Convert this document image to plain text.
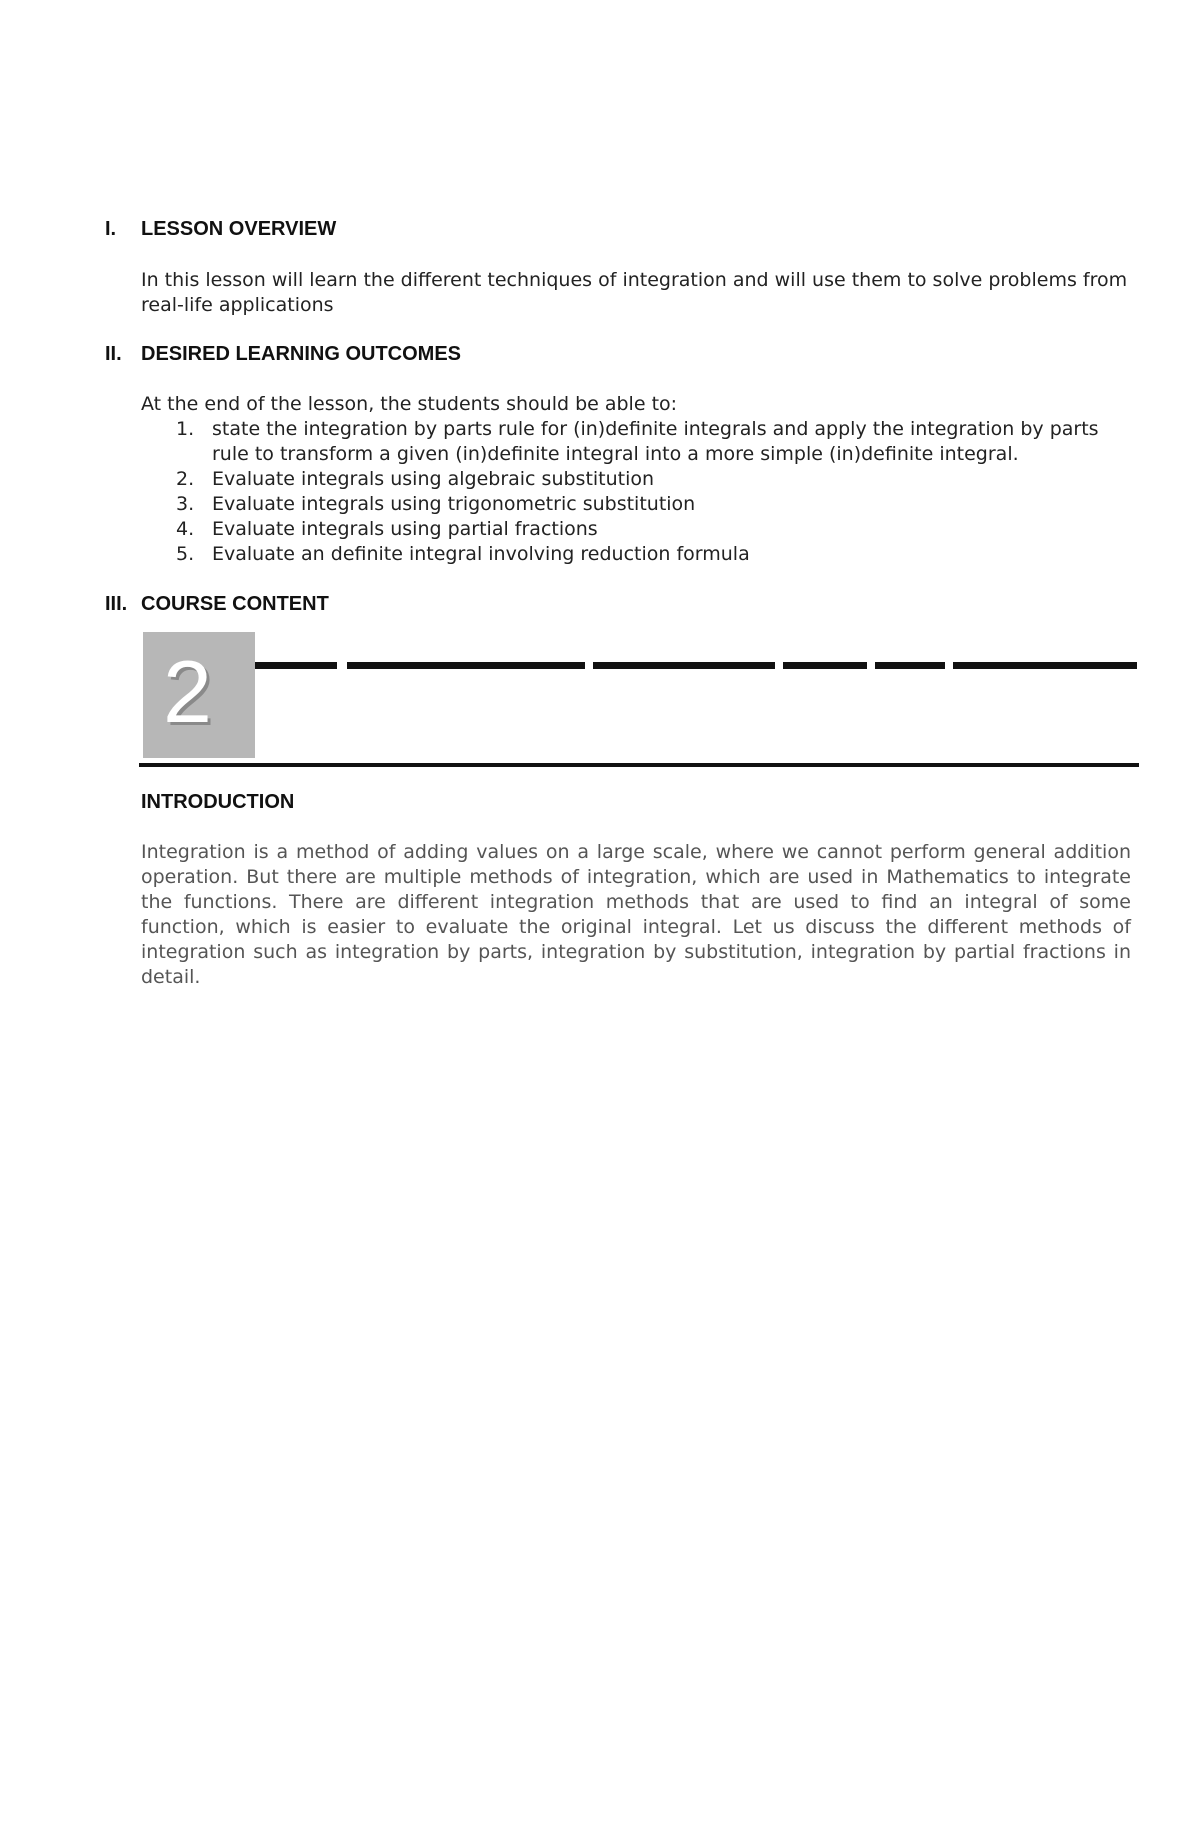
I. LESSON OVERVIEW
In this lesson will learn the different techniques of integration and will use them to solve problems from real-life applications
II. DESIRED LEARNING OUTCOMES
At the end of the lesson, the students should be able to:
1. state the integration by parts rule for (in)definite integrals and apply the integration by parts rule to transform a given (in)definite integral into a more simple (in)definite integral.
2. Evaluate integrals using algebraic substitution
3. Evaluate integrals using trigonometric substitution
4. Evaluate integrals using partial fractions
5. Evaluate an definite integral involving reduction formula
III. COURSE CONTENT
2
INTRODUCTION
Integration is a method of adding values on a large scale, where we cannot perform general addition operation. But there are multiple methods of integration, which are used in Mathematics to integrate the functions. There are different integration methods that are used to find an integral of some function, which is easier to evaluate the original integral. Let us discuss the different methods of integration such as integration by parts, integration by substitution, integration by partial fractions in detail.
